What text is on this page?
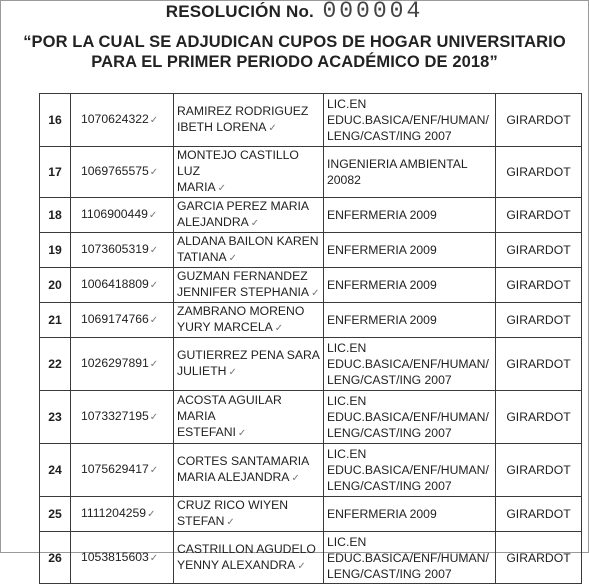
RESOLUCIÓN No. 000004
“POR LA CUAL SE ADJUDICAN CUPOS DE HOGAR UNIVERSITARIO
PARA EL PRIMER PERIODO ACADÉMICO DE 2018”
16	1070624322✓	RAMIREZ RODRIGUEZ
IBETH LORENA ✓	LIC.EN
EDUC.BASICA/ENF/HUMAN/
LENG/CAST/ING 2007	GIRARDOT
17	1069765575✓	MONTEJO CASTILLO LUZ
MARIA ✓	INGENIERIA AMBIENTAL
20082	GIRARDOT
18	1106900449✓	GARCIA PEREZ MARIA
ALEJANDRA ✓	ENFERMERIA 2009	GIRARDOT
19	1073605319✓	ALDANA BAILON KAREN
TATIANA ✓	ENFERMERIA 2009	GIRARDOT
20	1006418809✓	GUZMAN FERNANDEZ
JENNIFER STEPHANIA ✓	ENFERMERIA 2009	GIRARDOT
21	1069174766✓	ZAMBRANO MORENO
YURY MARCELA ✓	ENFERMERIA 2009	GIRARDOT
22	1026297891✓	GUTIERREZ PENA SARA
JULIETH ✓	LIC.EN
EDUC.BASICA/ENF/HUMAN/
LENG/CAST/ING 2007	GIRARDOT
23	1073327195✓	ACOSTA AGUILAR MARIA
ESTEFANI ✓	LIC.EN
EDUC.BASICA/ENF/HUMAN/
LENG/CAST/ING 2007	GIRARDOT
24	1075629417✓	CORTES SANTAMARIA
MARIA ALEJANDRA ✓	LIC.EN
EDUC.BASICA/ENF/HUMAN/
LENG/CAST/ING 2007	GIRARDOT
25	1111204259✓	CRUZ RICO WIYEN
STEFAN ✓	ENFERMERIA 2009	GIRARDOT
26	1053815603✓	CASTRILLON AGUDELO
YENNY ALEXANDRA ✓	LIC.EN
EDUC.BASICA/ENF/HUMAN/
LENG/CAST/ING 2007	GIRARDOT
